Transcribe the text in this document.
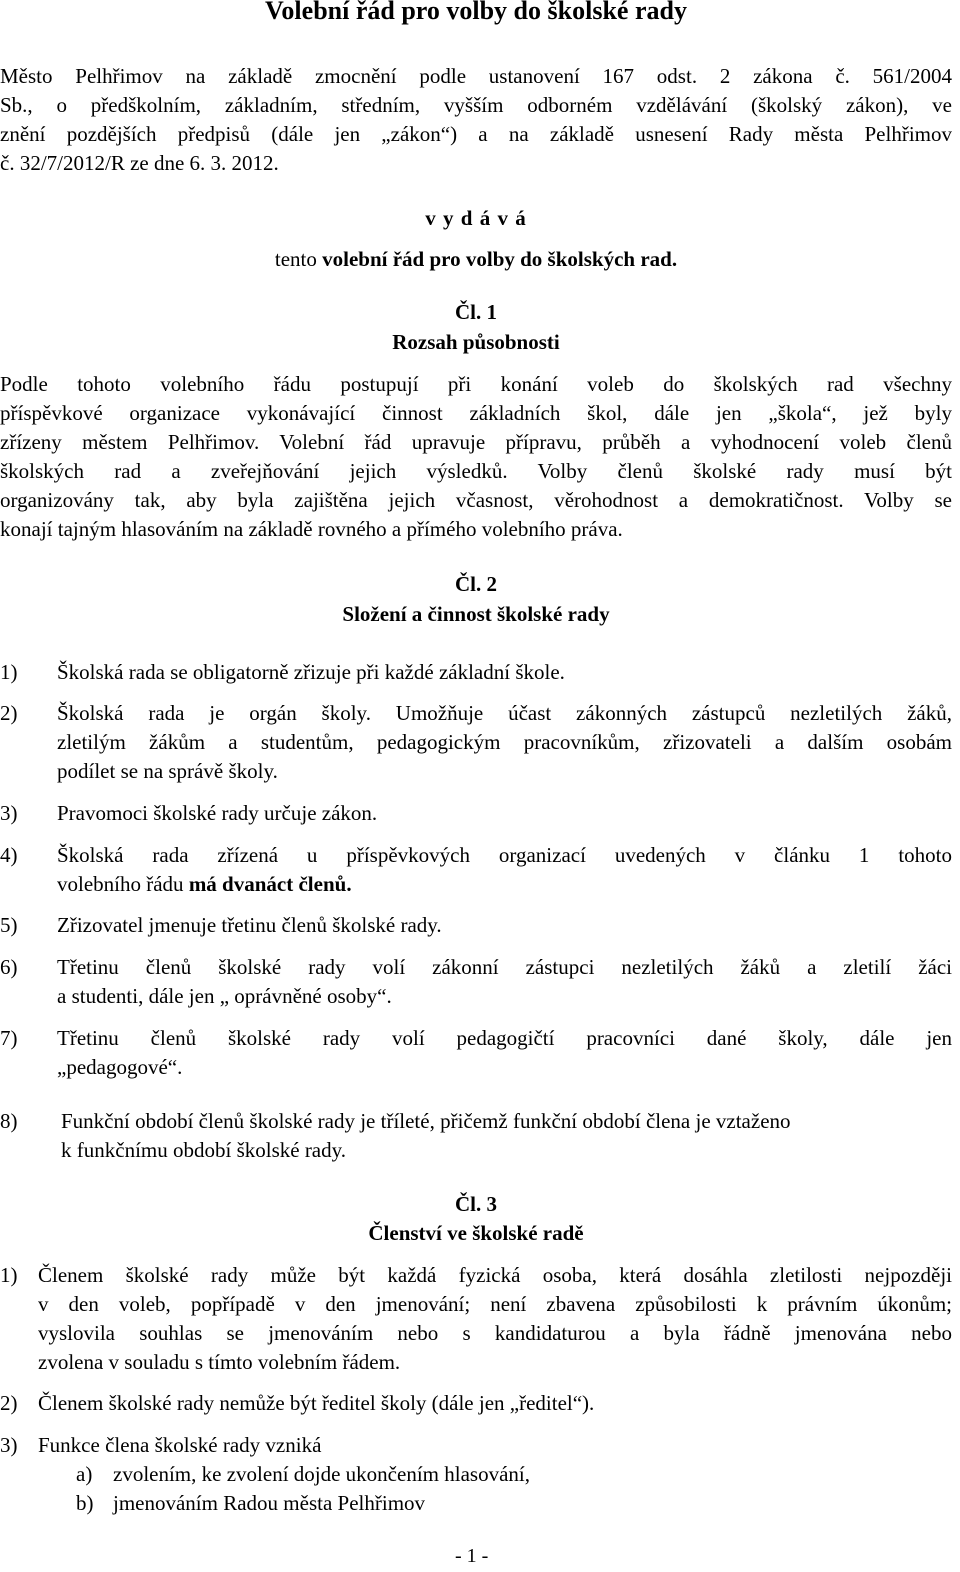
Volební řád pro volby do školské rady
Město Pelhřimov na základě zmocnění podle ustanovení 167 odst. 2 zákona č. 561/2004
Sb., o předškolním, základním, středním, vyšším odborném vzdělávání (školský zákon), ve
znění pozdějších předpisů (dále jen „zákon“) a na základě usnesení Rady města Pelhřimov
č. 32/7/2012/R ze dne 6. 3. 2012.
v y d á v á
tento volební řád pro volby do školských rad.
Čl. 1
Rozsah působnosti
Podle tohoto volebního řádu postupují při konání voleb do školských rad všechny
příspěvkové organizace vykonávající činnost základních škol, dále jen „škola“, jež byly
zřízeny městem Pelhřimov. Volební řád upravuje přípravu, průběh a vyhodnocení voleb členů
školských rad a zveřejňování jejich výsledků. Volby členů školské rady musí být
organizovány tak, aby byla zajištěna jejich včasnost, věrohodnost a demokratičnost. Volby se
konají tajným hlasováním na základě rovného a přímého volebního práva.
Čl. 2
Složení a činnost školské rady
1) Školská rada se obligatorně zřizuje při každé základní škole.
2) Školská rada je orgán školy. Umožňuje účast zákonných zástupců nezletilých žáků,
zletilým žákům a studentům, pedagogickým pracovníkům, zřizovateli a dalším osobám
podílet se na správě školy.
3) Pravomoci školské rady určuje zákon.
4) Školská rada zřízená u příspěvkových organizací uvedených v článku 1 tohoto
volebního řádu má dvanáct členů.
5) Zřizovatel jmenuje třetinu členů školské rady.
6) Třetinu členů školské rady volí zákonní zástupci nezletilých žáků a zletilí žáci
a studenti, dále jen „ oprávněné osoby“.
7) Třetinu členů školské rady volí pedagogičtí pracovníci dané školy, dále jen
„pedagogové“.
8) Funkční období členů školské rady je tříleté, přičemž funkční období člena je vztaženo
k funkčnímu období školské rady.
Čl. 3
Členství ve školské radě
1) Členem školské rady může být každá fyzická osoba, která dosáhla zletilosti nejpozději
v den voleb, popřípadě v den jmenování; není zbavena způsobilosti k právním úkonům;
vyslovila souhlas se jmenováním nebo s kandidaturou a byla řádně jmenována nebo
zvolena v souladu s tímto volebním řádem.
2) Členem školské rady nemůže být ředitel školy (dále jen „ředitel“).
3) Funkce člena školské rady vzniká
a) zvolením, ke zvolení dojde ukončením hlasování,
b) jmenováním Radou města Pelhřimov
- 1 -
